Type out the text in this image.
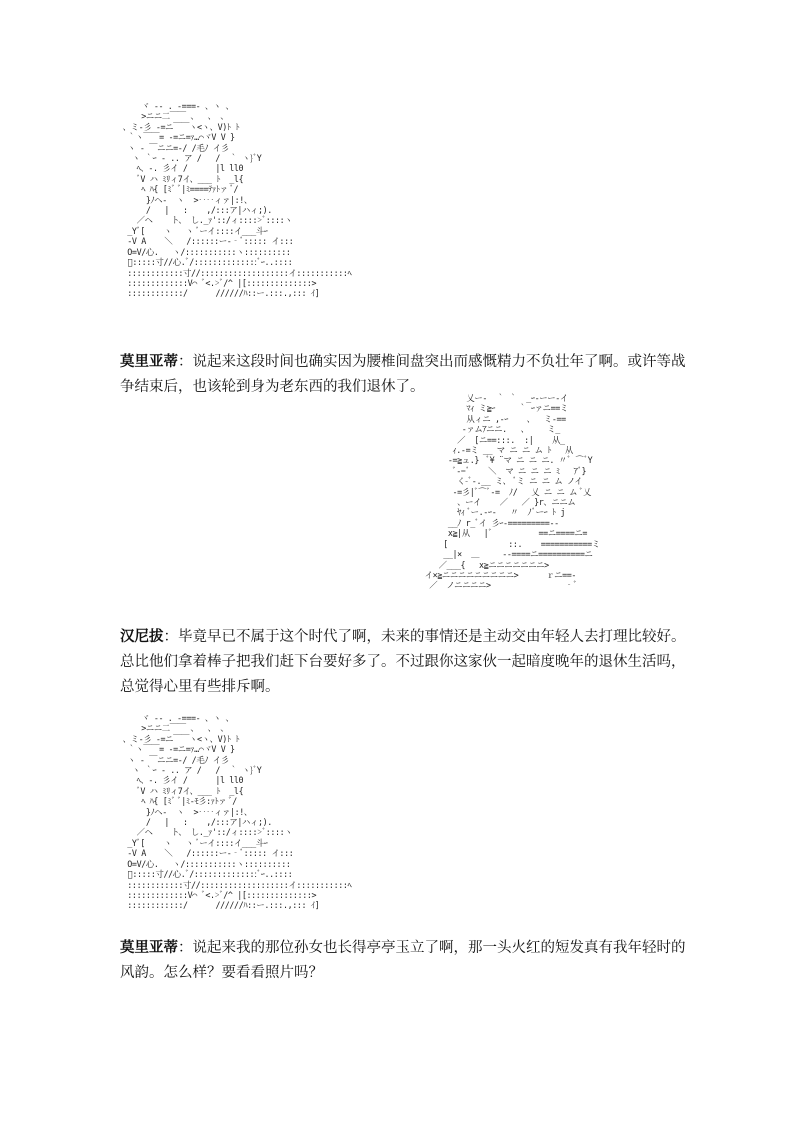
ヾ ‐- . -===- 、ヽ 、
>ニニ二￣￣ 、  、 、
、ミ-彡 -=ニ￣￣ヽ<ヽ、V)ﾄ ﾄ
｀ヽ￣￣= -=ニ=ｧ…⌒ヾV V }
ヽ ‐ ￣ニニ=-/ /毛ﾉ イ彡
ヽ ｀ｰ ‐ .. ア /   /  ｀ ヽ}ﾞY
ﾍ、-. 彡イ /      |l ll0
ﾞV ハ ﾐﾘィ7イ、___ ﾄ  _l{
ﾍ ﾊ{ [ﾐﾞ ﾞ|ﾐ====ﾃｧﾄァ ﾞ/
}ﾉヘ-  ヽ  >‥‥ィァ|:!、
/   |   :    ,/:::ア|ハィ;).
／ヘ    ト、 し._ｧ'::/ィ::::>ﾞ::::ヽ
_Yﾞ[    ヽ   ヽ ﾞーイ::::イ___斗ｰ
-V A    ＼   /::::::ー-‐ﾞ::::: イ:::
O=V/心.   ヽ/:::::::::::ヽ::::::::::
ﾞ:::::寸//心.ﾞ/::::::::::::::ﾞｰ..::::
::::::::::::寸//:::::::::::::::::::イ:::::::::::ﾍ
:::::::::::::V⌒ ﾞ<.>ﾞ/^ |[::::::::::::::>
::::::::::::/      //////ﾊ::ー.:::.,::: ｲ]
乂ー-  ｀ ｀  _ｰ‐ーー-イ
ﾏｨ ミ≧ｰ     ｀ ｰァニ==ミ
从ィニ ,-ｰ    、  ミ-==
‐ァムｱニニ.   、    ミ_
／  [ニ==:::.  :|    从_
ｨ.‐=ミ __ マ ニ ニ ム ﾄ   从
‐=≧ュ.}  ﾞ¥ ¨マ ニ ニ ニ. 〃ﾞ ⌒ﾞY
ﾞ‐=ﾞ    ＼  マ ニ ニ ニ ﾐ   ｱﾞ}
く-ﾞ-.__ ミ、 ﾞミ ニ ニ ム ノイ
‐=彡|ﾞ⌒ﾞ‐=  ﾉ/   乂 ニ ニ ム ﾞ乂
、ーイ    ／   ／ }r、ニニム
ﾔｨ ﾞー.-ｰ‐   〃  ﾉﾞーｰ ﾄ j
__ﾉ r_ﾞイ 彡ｰ-=========--
x≧|从   |ﾞ          ==ニ====ニ=
[             ::.    ===========ミ
__|×  ＿     --====ニ==========ニ
／___{   x≧ニニニニニニニ>
イ×≧ニニニニニニニニニ>      ｒニ==-
／  ノニニニニ>                ‐ﾞ
ヾ ‐- . -===- 、ヽ 、
>ニニ二￣￣ 、  、 、
、ミ-彡 -=ニ￣￣ヽ<ヽ、V)ﾄ ﾄ
｀ヽ￣￣= -=ニ=ｧ…⌒ヾV V }
ヽ ‐ ￣ニニ=-/ /毛ﾉ イ彡
ヽ ｀ｰ ‐ .. ア /   /  ｀ ヽ}ﾞY
ﾍ、-. 彡イ /      |l ll0
ﾞV ハ ﾐﾘィ7イ、___ ﾄ  _l{
ﾍ ﾊ{ [ﾐﾞ ﾞ|ﾐ‐ﾓ彡:ｧﾄァ ﾞ/
}ﾉヘ-  ヽ  >‥‥ィァ|:!、
/   |   :    ,/:::ア|ハィ;).
／ヘ    ト、 し._ｧ'::/ィ::::>ﾞ::::ヽ
_Yﾞ[    ヽ   ヽ ﾞーイ::::イ___斗ｰ
-V A    ＼   /::::::ー-‐ﾞ::::: イ:::
O=V/心.   ヽ/:::::::::::ヽ::::::::::
ﾞ:::::寸//心.ﾞ/::::::::::::::ﾞｰ..::::
::::::::::::寸//:::::::::::::::::::イ:::::::::::ﾍ
:::::::::::::V⌒ ﾞ<.>ﾞ/^ |[::::::::::::::>
::::::::::::/      //////ﾊ::ー.:::.,::: ｲ]

莫里亚蒂：说起来这段时间也确实因为腰椎间盘突出而感慨精力不负壮年了啊。或许等战争结束后，也该轮到身为老东西的我们退休了。

汉尼拔：毕竟早已不属于这个时代了啊，未来的事情还是主动交由年轻人去打理比较好。总比他们拿着棒子把我们赶下台要好多了。不过跟你这家伙一起暗度晚年的退休生活吗，总觉得心里有些排斥啊。

莫里亚蒂：说起来我的那位孙女也长得亭亭玉立了啊，那一头火红的短发真有我年轻时的风韵。怎么样？要看看照片吗？
